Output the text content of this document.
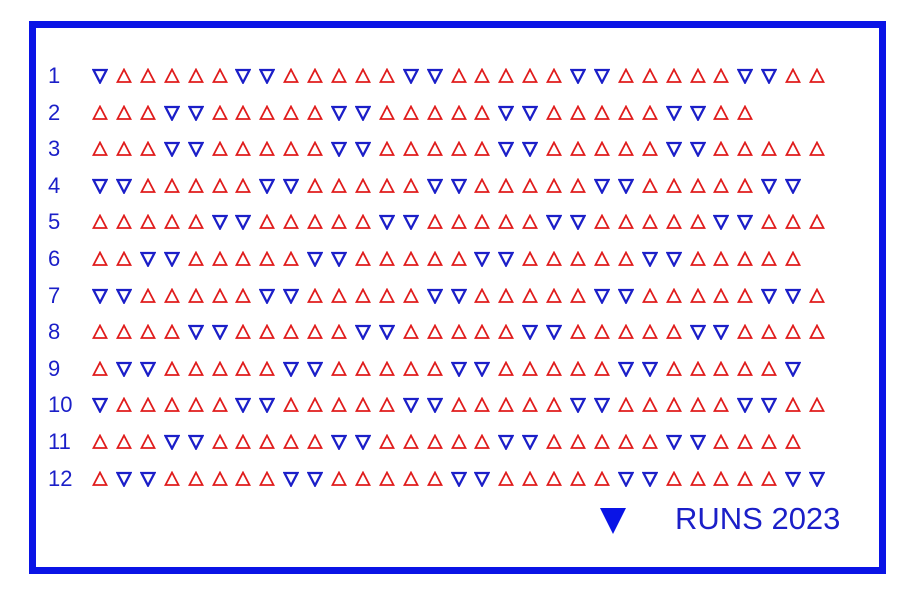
1
2
3
4
5
6
7
8
9
10
11
12
RUNS 2023
